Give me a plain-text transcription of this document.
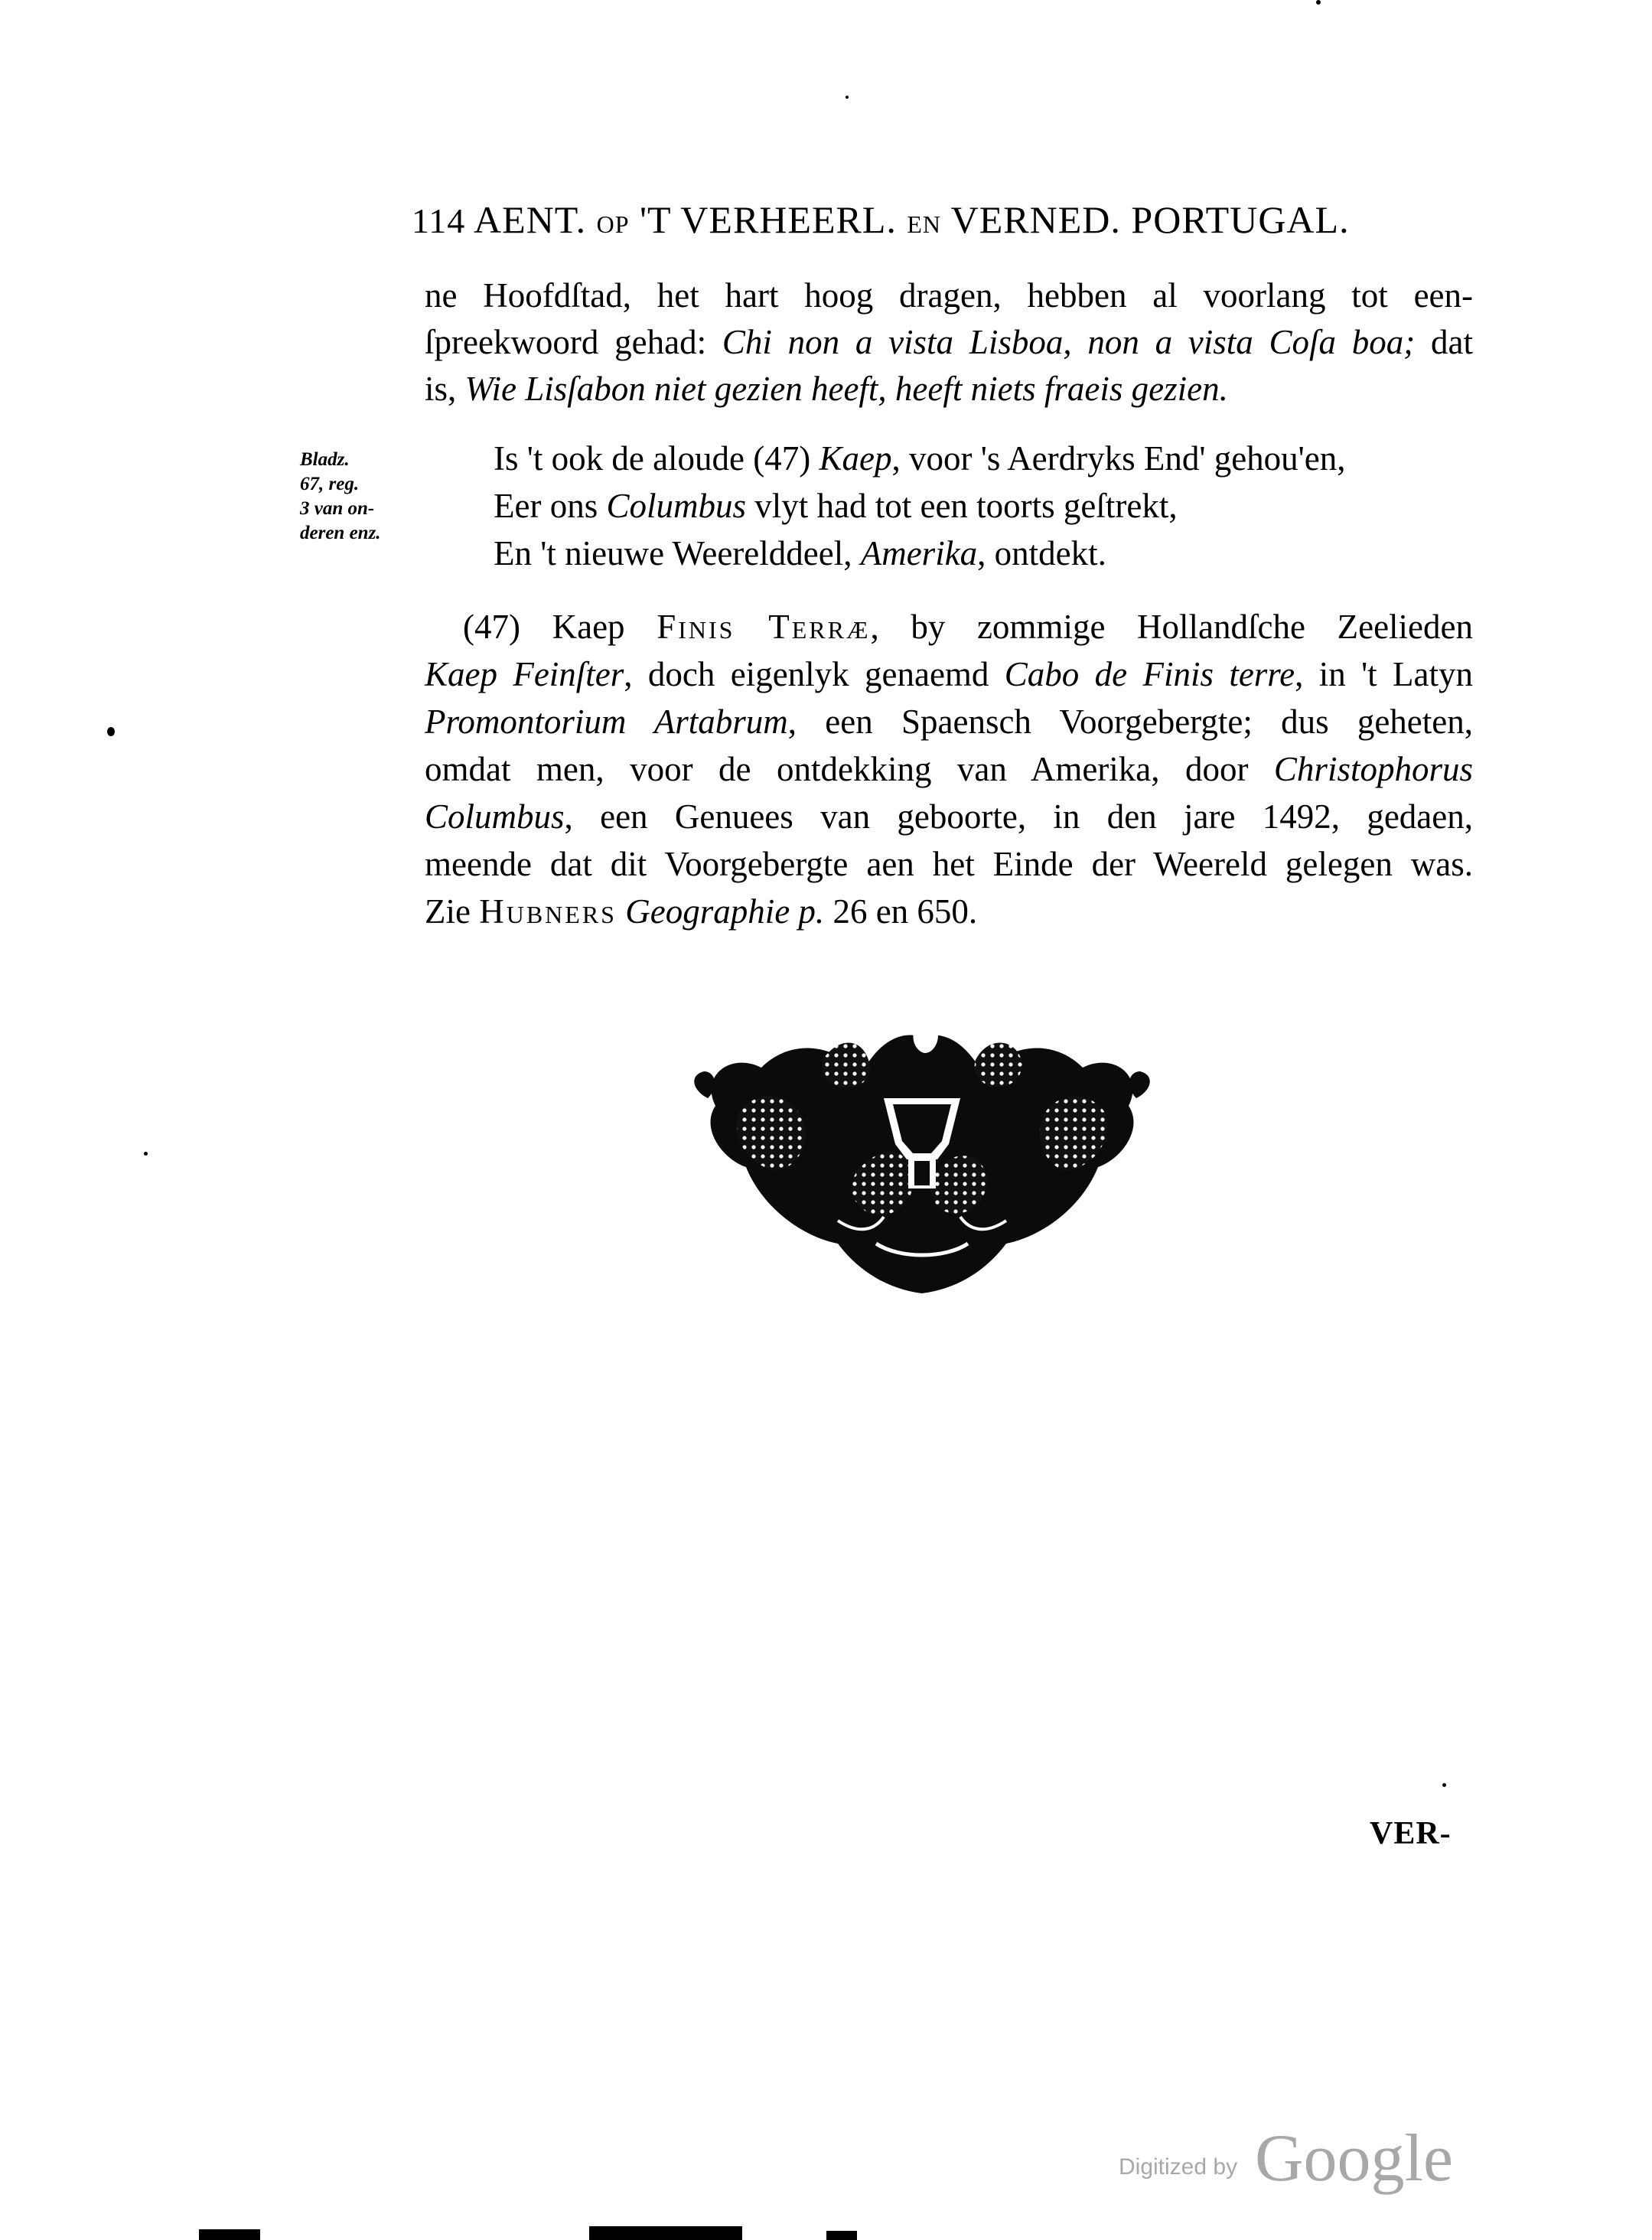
114 AENT. OP 'T VERHEERL. EN VERNED. PORTUGAL.
ne Hoofdſtad, het hart hoog dragen, hebben al voorlang tot een-
ſpreekwoord gehad: Chi non a vista Lisboa, non a vista Coſa boa; dat
is, Wie Lisſabon niet gezien heeft, heeft niets fraeis gezien.
Bladz.
67, reg.
3 van on-
deren enz.
Is 't ook de aloude (47) Kaep, voor 's Aerdryks End' gehou'en,
Eer ons Columbus vlyt had tot een toorts geſtrekt,
En 't nieuwe Weerelddeel, Amerika, ontdekt.
(47) Kaep Finis Terræ, by zommige Hollandſche Zeelieden
Kaep Feinſter, doch eigenlyk genaemd Cabo de Finis terre, in 't Latyn
Promontorium Artabrum, een Spaensch Voorgebergte; dus geheten,
omdat men, voor de ontdekking van Amerika, door Christophorus
Columbus, een Genuees van geboorte, in den jare 1492, gedaen,
meende dat dit Voorgebergte aen het Einde der Weereld gelegen was.
Zie Hubners Geographie p. 26 en 650.
VER-
Digitized by Google
